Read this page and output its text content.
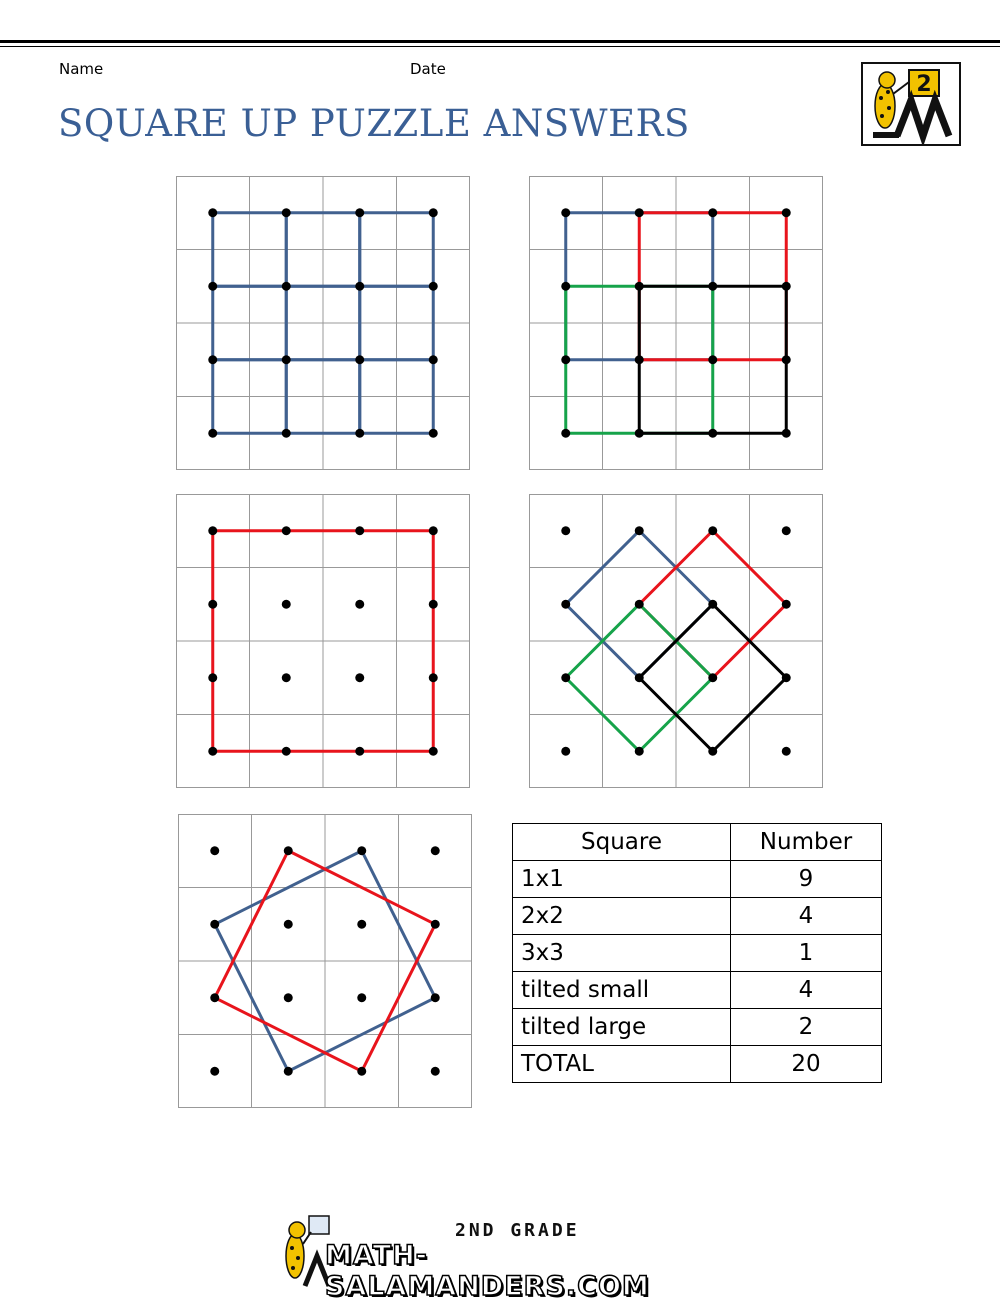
Name	Date
SQUARE UP PUZZLE ANSWERS
2
Square	Number
1x1	9
2x2	4
3x3	1
tilted small	4
tilted large	2
TOTAL	20
2ND GRADE
MATH-SALAMANDERS.COM
